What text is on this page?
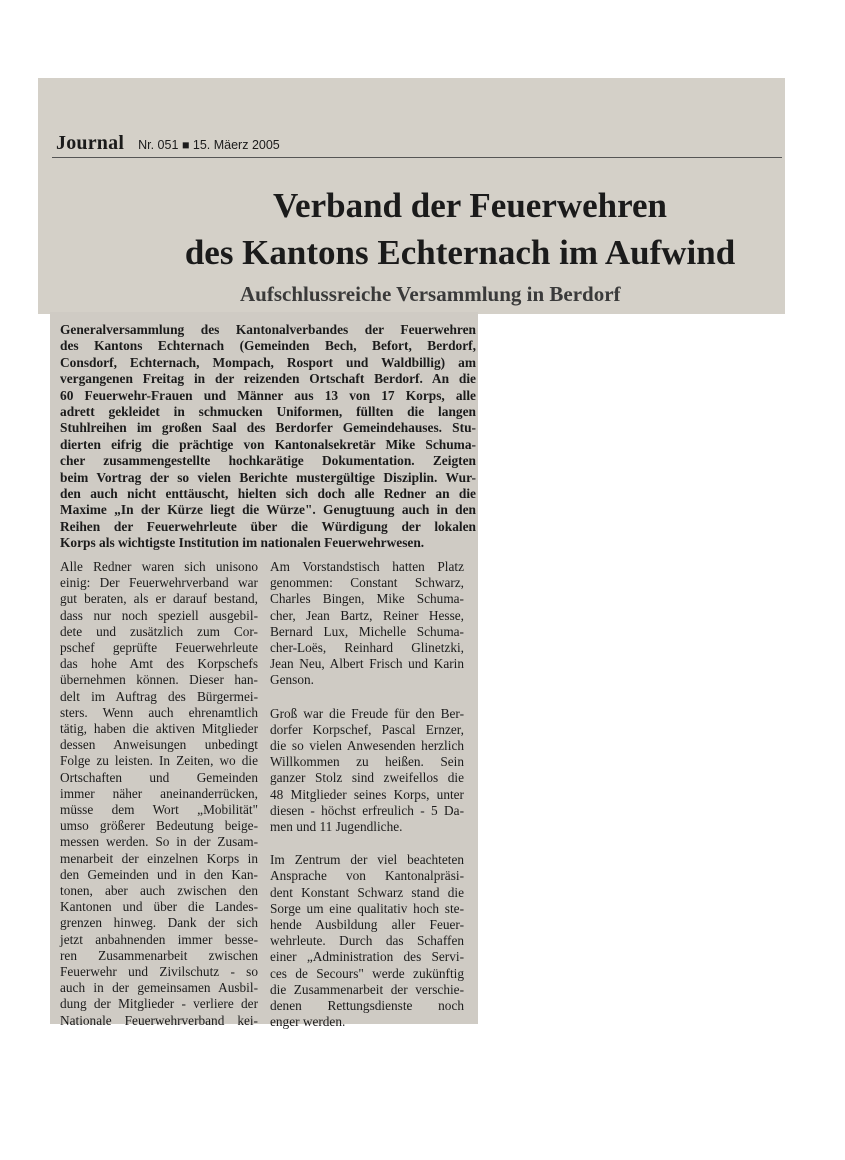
Journal Nr. 051 ■ 15. Mäerz 2005
Verband der Feuerwehren
des Kantons Echternach im Aufwind
Aufschlussreiche Versammlung in Berdorf
Generalversammlung des Kantonalverbandes der Feuerwehren
des Kantons Echternach (Gemeinden Bech, Befort, Berdorf,
Consdorf, Echternach, Mompach, Rosport und Waldbillig) am
vergangenen Freitag in der reizenden Ortschaft Berdorf. An die
60 Feuerwehr-Frauen und Männer aus 13 von 17 Korps, alle
adrett gekleidet in schmucken Uniformen, füllten die langen
Stuhlreihen im großen Saal des Berdorfer Gemeindehauses. Stu-
dierten eifrig die prächtige von Kantonalsekretär Mike Schuma-
cher zusammengestellte hochkarätige Dokumentation. Zeigten
beim Vortrag der so vielen Berichte mustergültige Disziplin. Wur-
den auch nicht enttäuscht, hielten sich doch alle Redner an die
Maxime „In der Kürze liegt die Würze". Genugtuung auch in den
Reihen der Feuerwehrleute über die Würdigung der lokalen
Korps als wichtigste Institution im nationalen Feuerwehrwesen.
Alle Redner waren sich unisono
einig: Der Feuerwehrverband war
gut beraten, als er darauf bestand,
dass nur noch speziell ausgebil-
dete und zusätzlich zum Cor-
pschef geprüfte Feuerwehrleute
das hohe Amt des Korpschefs
übernehmen können. Dieser han-
delt im Auftrag des Bürgermei-
sters. Wenn auch ehrenamtlich
tätig, haben die aktiven Mitglieder
dessen Anweisungen unbedingt
Folge zu leisten. In Zeiten, wo die
Ortschaften und Gemeinden
immer näher aneinanderrücken,
müsse dem Wort „Mobilität"
umso größerer Bedeutung beige-
messen werden. So in der Zusam-
menarbeit der einzelnen Korps in
den Gemeinden und in den Kan-
tonen, aber auch zwischen den
Kantonen und über die Landes-
grenzen hinweg. Dank der sich
jetzt anbahnenden immer besse-
ren Zusammenarbeit zwischen
Feuerwehr und Zivilschutz - so
auch in der gemeinsamen Ausbil-
dung der Mitglieder - verliere der
Nationale Feuerwehrverband kei-
Am Vorstandstisch hatten Platz
genommen: Constant Schwarz,
Charles Bingen, Mike Schuma-
cher, Jean Bartz, Reiner Hesse,
Bernard Lux, Michelle Schuma-
cher-Loës, Reinhard Glinetzki,
Jean Neu, Albert Frisch und Karin
Genson.
Groß war die Freude für den Ber-
dorfer Korpschef, Pascal Ernzer,
die so vielen Anwesenden herzlich
Willkommen zu heißen. Sein
ganzer Stolz sind zweifellos die
48 Mitglieder seines Korps, unter
diesen - höchst erfreulich - 5 Da-
men und 11 Jugendliche.
Im Zentrum der viel beachteten
Ansprache von Kantonalpräsi-
dent Konstant Schwarz stand die
Sorge um eine qualitativ hoch ste-
hende Ausbildung aller Feuer-
wehrleute. Durch das Schaffen
einer „Administration des Servi-
ces de Secours" werde zukünftig
die Zusammenarbeit der verschie-
denen Rettungsdienste noch
enger werden.
